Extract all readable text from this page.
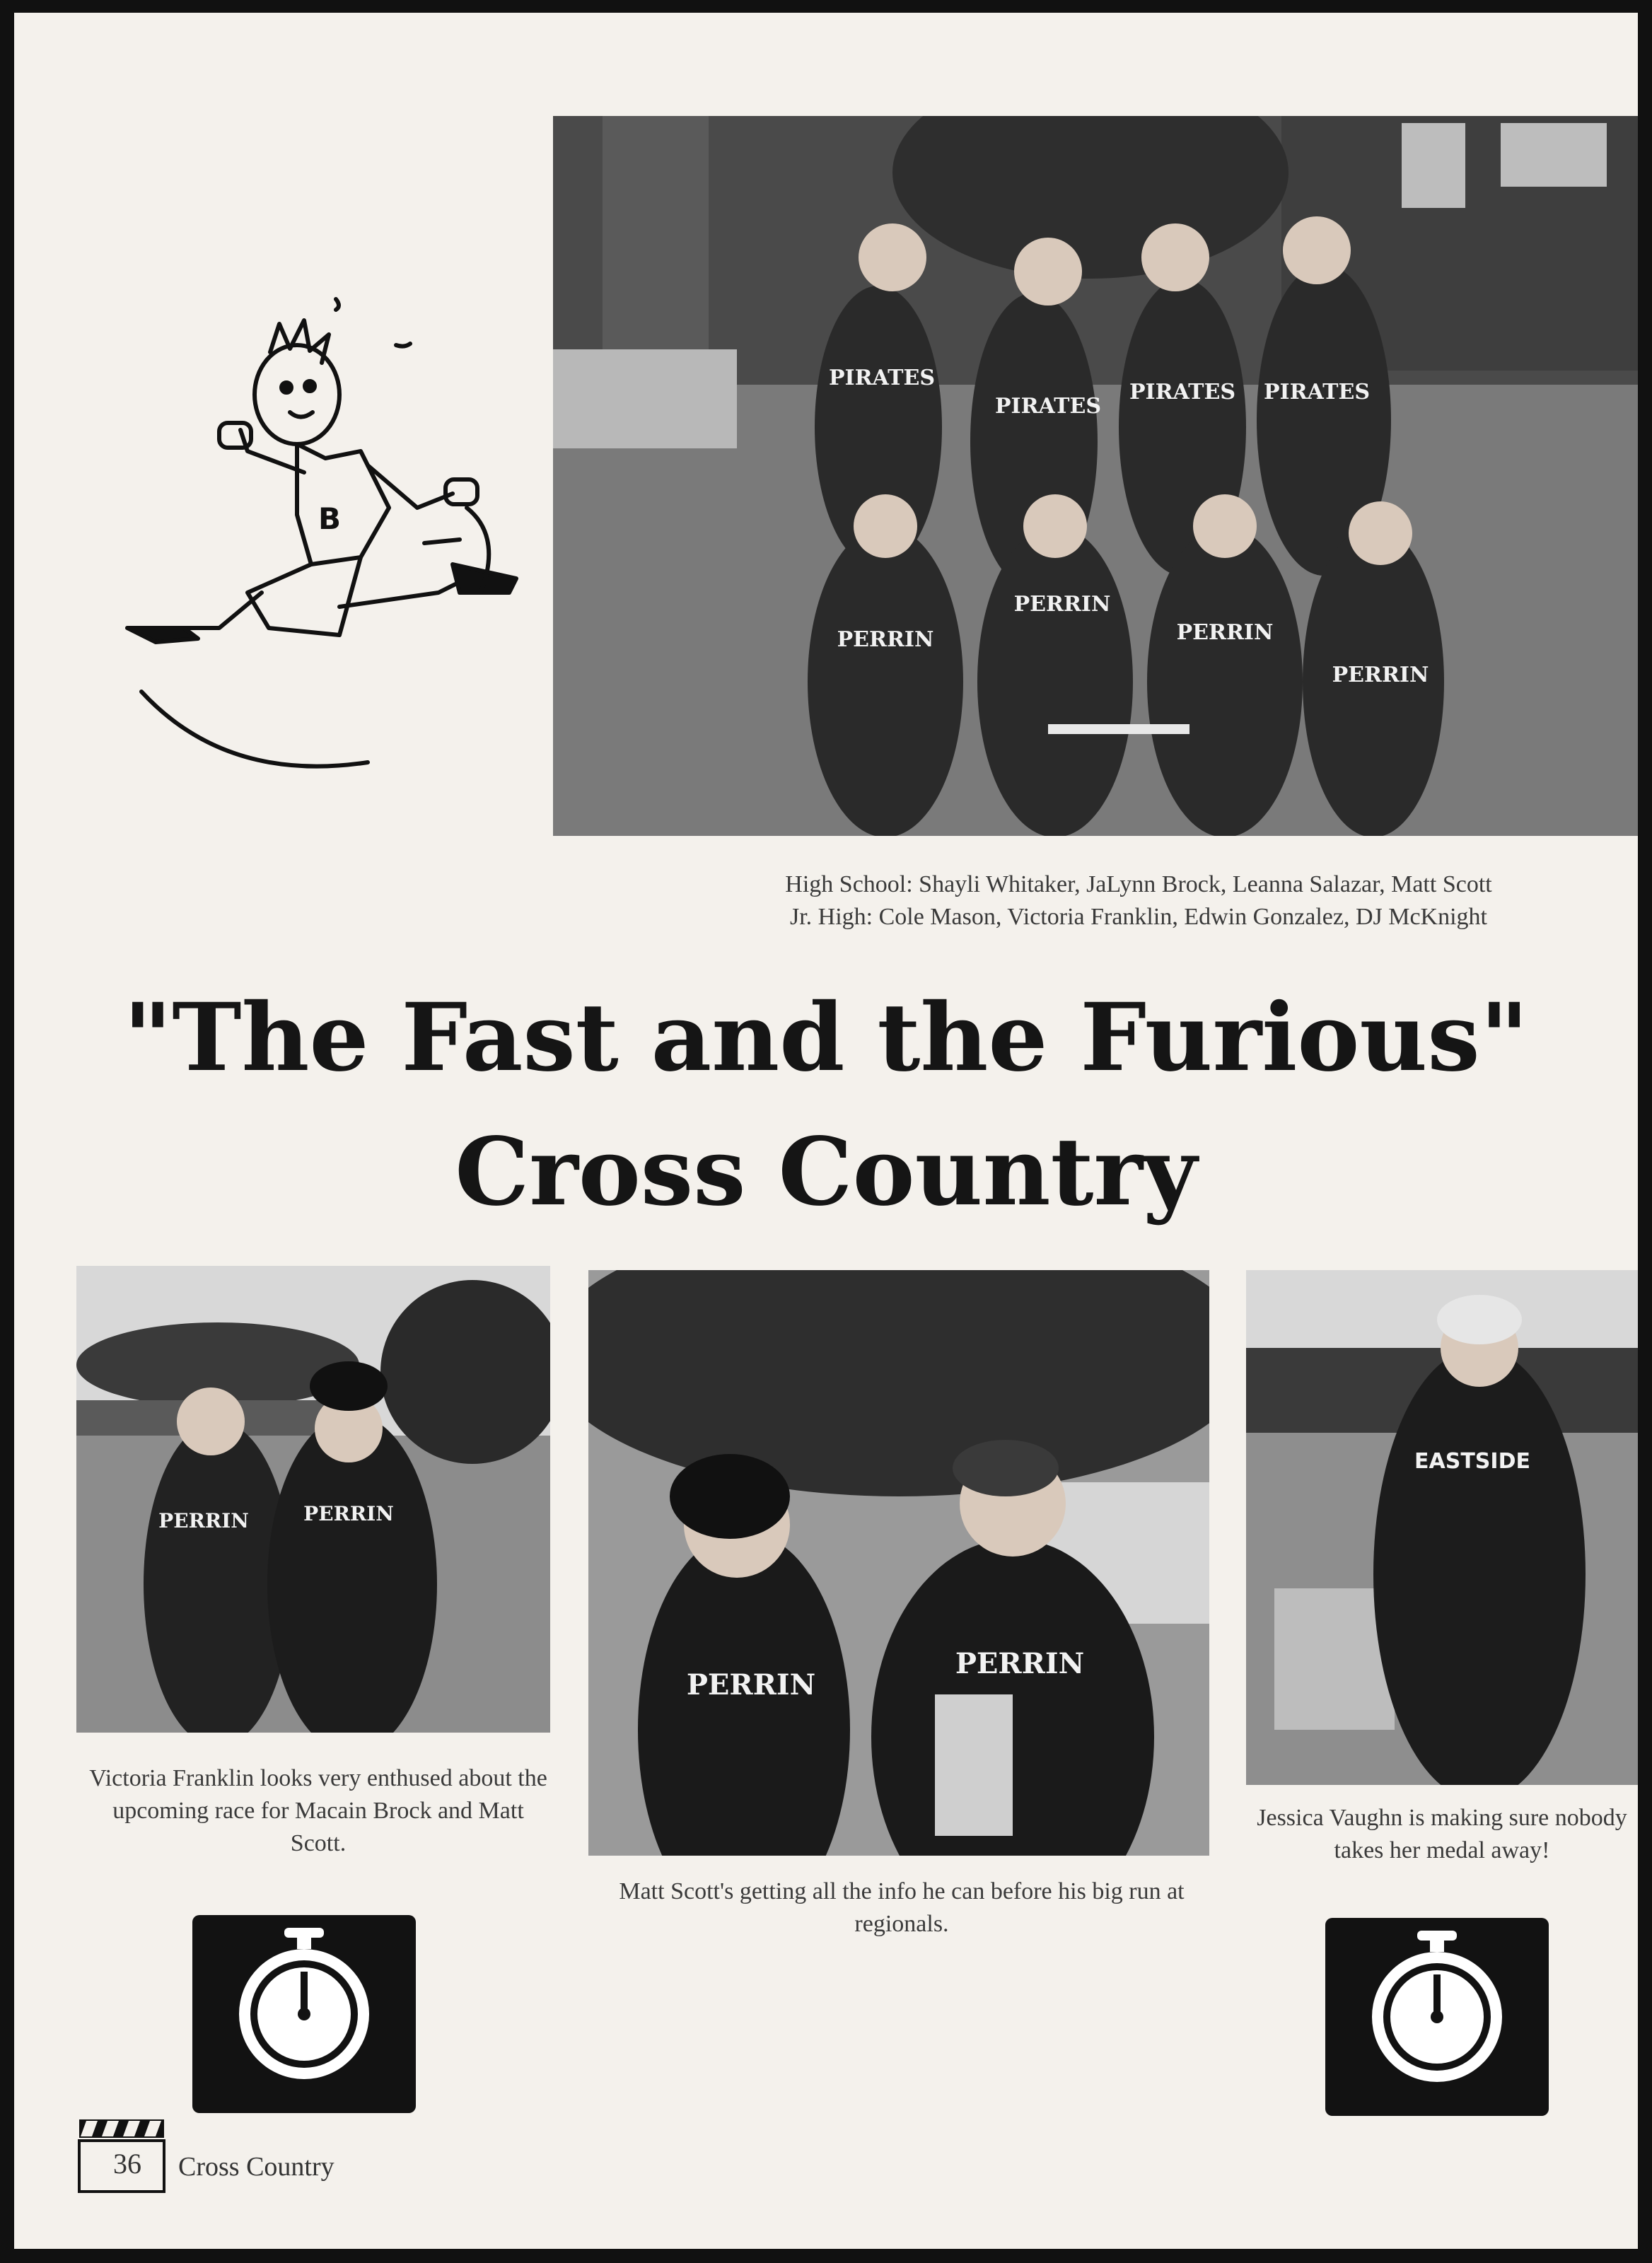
B
PIRATES
PIRATES
PIRATES PIRATES
PERRIN
PERRIN
PERRIN
PERRIN
High School: Shayli Whitaker, JaLynn Brock, Leanna Salazar, Matt Scott
Jr. High: Cole Mason, Victoria Franklin, Edwin Gonzalez, DJ McKnight
"The Fast and the Furious"
Cross Country
PERRIN	PERRIN
Victoria Franklin looks very enthused about the upcoming race for Macain Brock and Matt Scott.
PERRIN
PERRIN
Matt Scott's getting all the info he can before his big run at regionals.
EASTSIDE
Jessica Vaughn is making sure nobody takes her medal away!
36	Cross Country
